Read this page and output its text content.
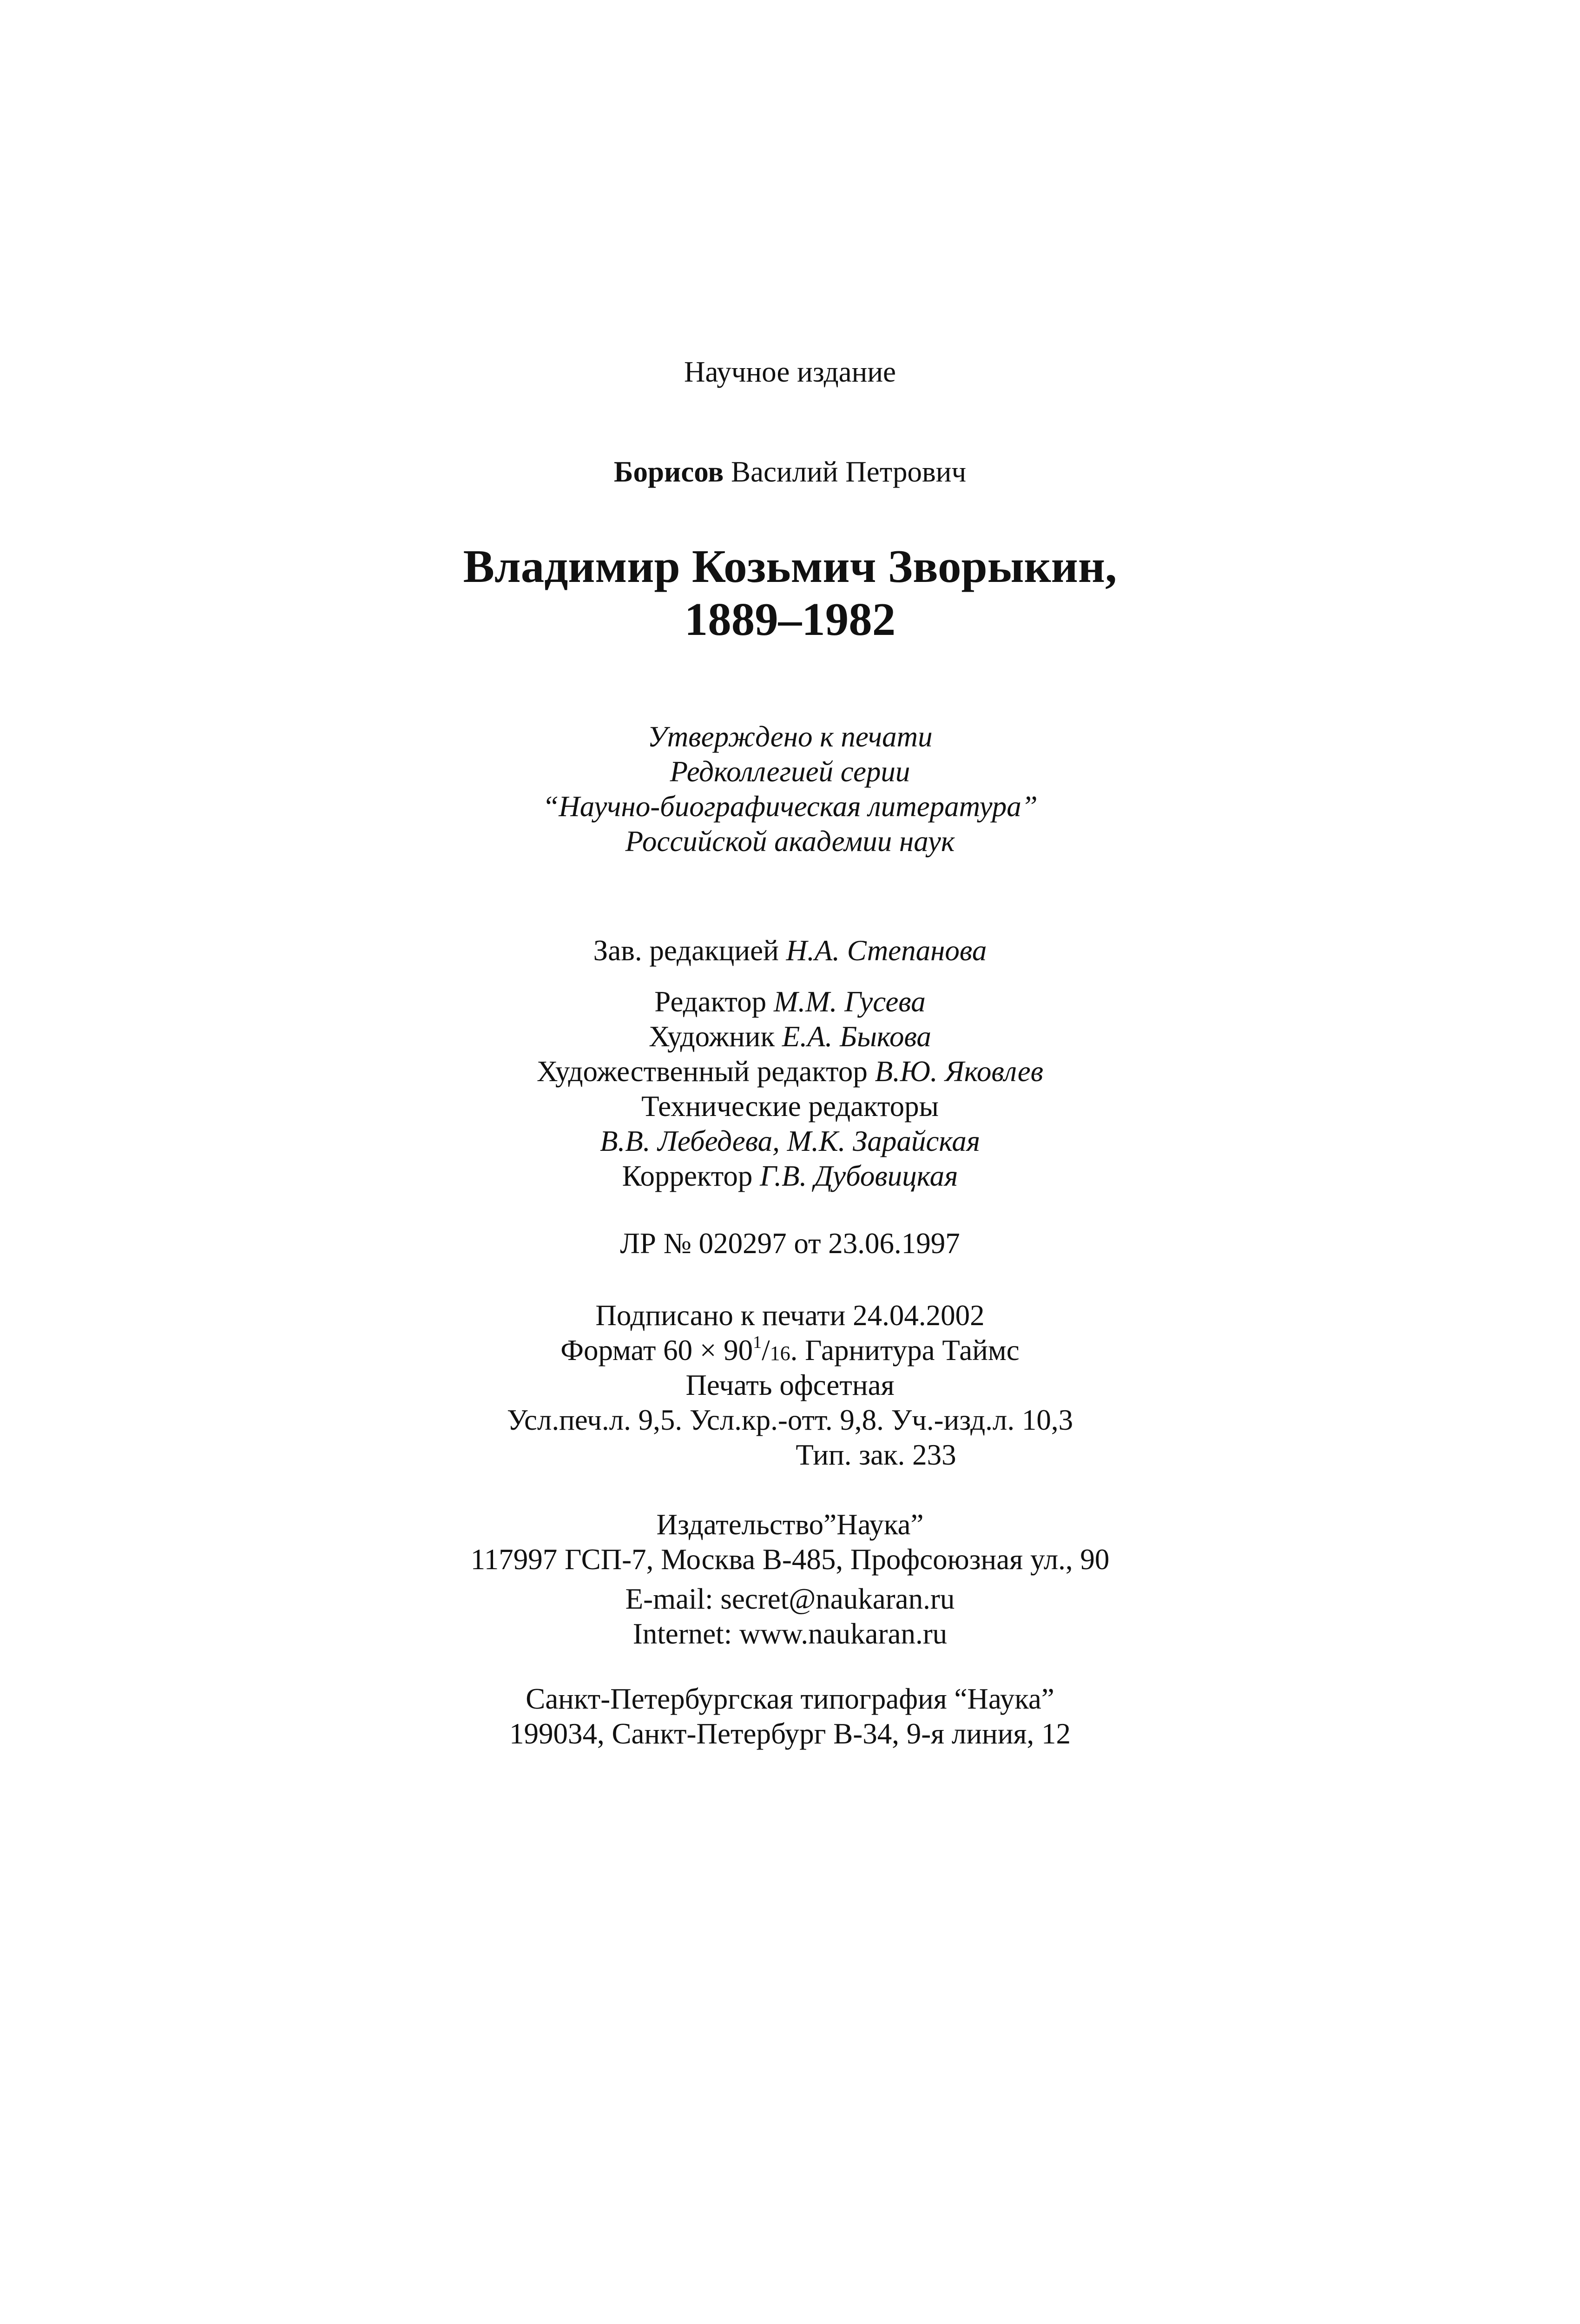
Научное издание
Борисов Василий Петрович
Владимир Козьмич Зворыкин,
1889–1982
Утверждено к печати
Редколлегией серии
“Научно-биографическая литература”
Российской академии наук
Зав. редакцией Н.А. Степанова
Редактор М.М. Гусева
Художник Е.А. Быкова
Художественный редактор В.Ю. Яковлев
Технические редакторы
В.В. Лебедева, М.К. Зарайская
Корректор Г.В. Дубовицкая
ЛР № 020297 от 23.06.1997
Подписано к печати 24.04.2002
Формат $60 \times 90^1/16$. Гарнитура Таймс
Печать офсетная
Усл.печ.л. 9,5. Усл.кр.-отт. 9,8. Уч.-изд.л. 10,3
Тип. зак. 233
Издательство”Наука”
117997 ГСП-7, Москва В-485, Профсоюзная ул., 90
E-mail: secret@naukaran.ru
Internet: www.naukaran.ru
Санкт-Петербургская типография “Наука”
199034, Санкт-Петербург В-34, 9-я линия, 12
